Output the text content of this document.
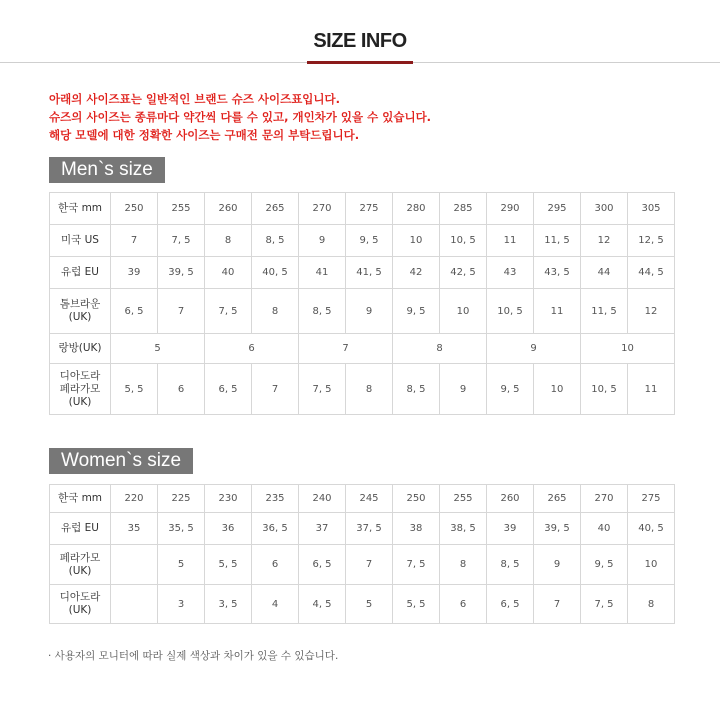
SIZE INFO
아래의 사이즈표는 일반적인 브랜드 슈즈 사이즈표입니다.
슈즈의 사이즈는 종류마다 약간씩 다를 수 있고, 개인차가 있을 수 있습니다.
해당 모델에 대한 정확한 사이즈는 구매전 문의 부탁드립니다.
Men`s size
한국 mm	250	255	260	265	270	275	280	285	290	295	300	305
미국 US	7	7, 5	8	8, 5	9	9, 5	10	10, 5	11	11, 5	12	12, 5
유럽 EU	39	39, 5	40	40, 5	41	41, 5	42	42, 5	43	43, 5	44	44, 5
톰브라운
(UK)	6, 5	7	7, 5	8	8, 5	9	9, 5	10	10, 5	11	11, 5	12
랑방(UK)	5		6		7		8		9		10	
디아도라
페라가모
(UK)	5, 5	6	6, 5	7	7, 5	8	8, 5	9	9, 5	10	10, 5	11
Women`s size
한국 mm	220	225	230	235	240	245	250	255	260	265	270	275
유럽 EU	35	35, 5	36	36, 5	37	37, 5	38	38, 5	39	39, 5	40	40, 5
페라가모
(UK)		5	5, 5	6	6, 5	7	7, 5	8	8, 5	9	9, 5	10
디아도라
(UK)		3	3, 5	4	4, 5	5	5, 5	6	6, 5	7	7, 5	8
· 사용자의 모니터에 따라 실제 색상과 차이가 있을 수 있습니다.
